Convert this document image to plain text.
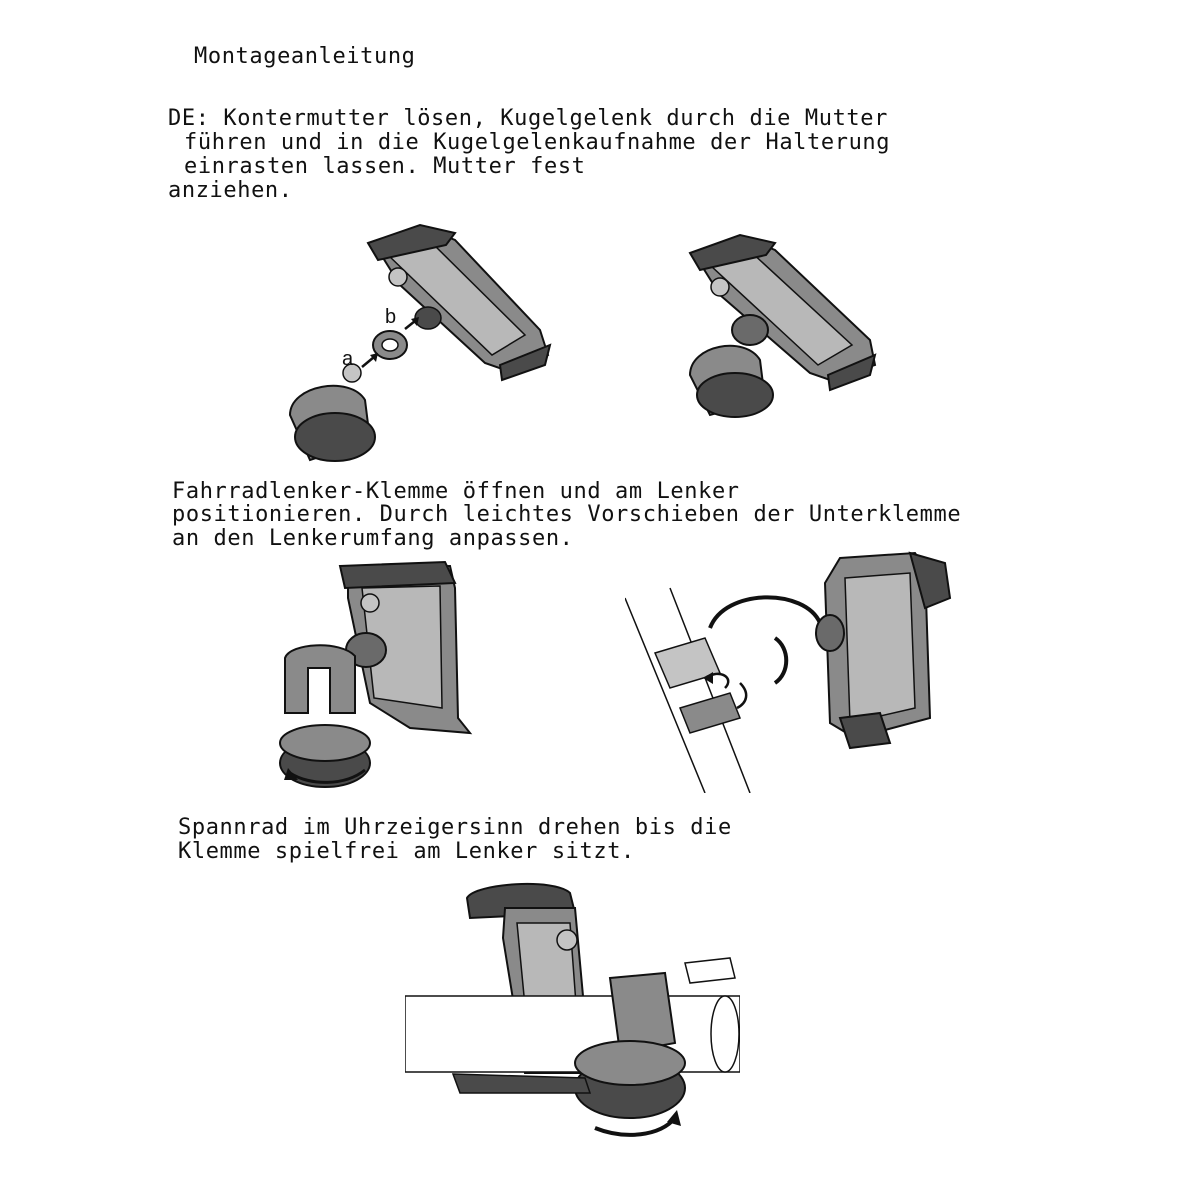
Montageanleitung
DE: Kontermutter lösen, Kugelgelenk durch die Mutter
führen und in die Kugelgelenkaufnahme der Halterung
einrasten lassen. Mutter fest
anziehen.
a
b
Fahrradlenker-Klemme öffnen und am Lenker
positionieren. Durch leichtes Vorschieben der Unterklemme
an den Lenkerumfang anpassen.
Spannrad im Uhrzeigersinn drehen bis die
Klemme spielfrei am Lenker sitzt.
